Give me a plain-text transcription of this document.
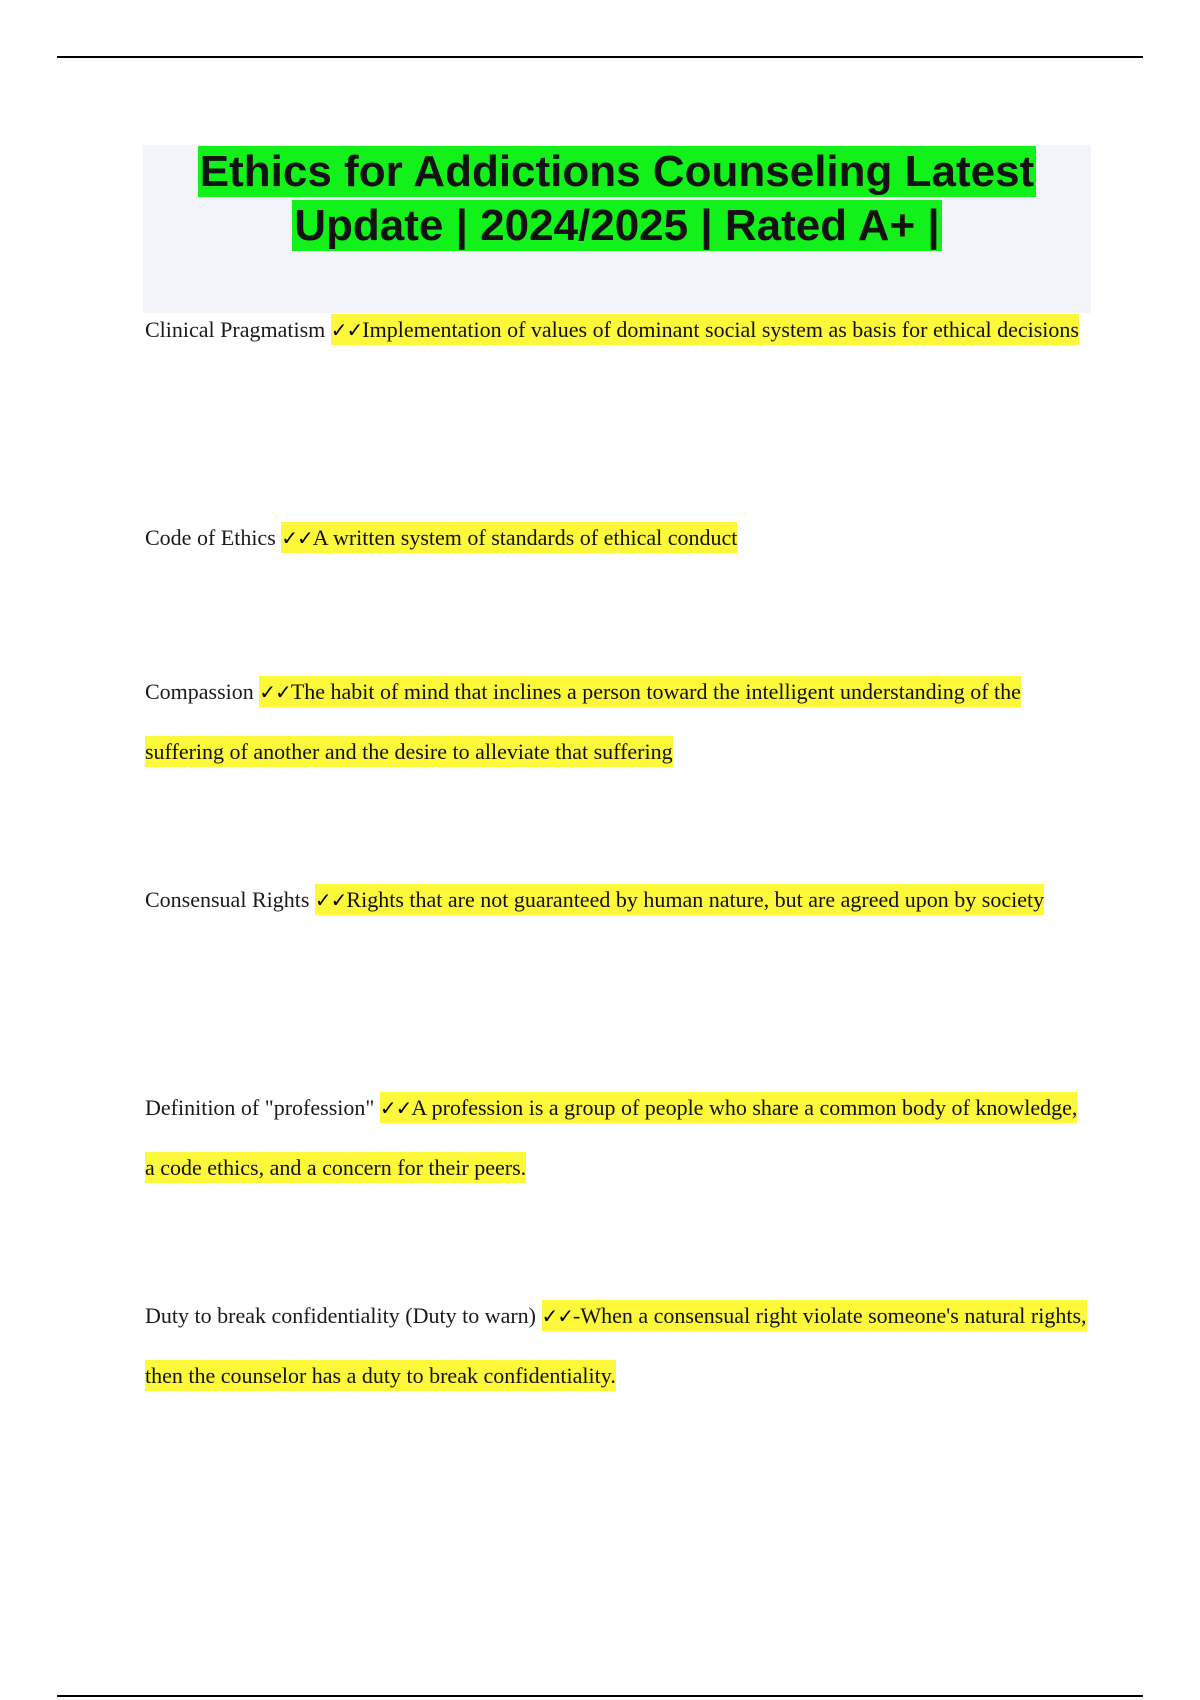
Ethics for Addictions Counseling Latest Update | 2024/2025 | Rated A+ |

Clinical Pragmatism ✓✓Implementation of values of dominant social system as basis for ethical decisions

Code of Ethics ✓✓A written system of standards of ethical conduct

Compassion ✓✓The habit of mind that inclines a person toward the intelligent understanding of the suffering of another and the desire to alleviate that suffering

Consensual Rights ✓✓Rights that are not guaranteed by human nature, but are agreed upon by society

Definition of "profession" ✓✓A profession is a group of people who share a common body of knowledge, a code ethics, and a concern for their peers.

Duty to break confidentiality (Duty to warn) ✓✓-When a consensual right violate someone's natural rights, then the counselor has a duty to break confidentiality.
